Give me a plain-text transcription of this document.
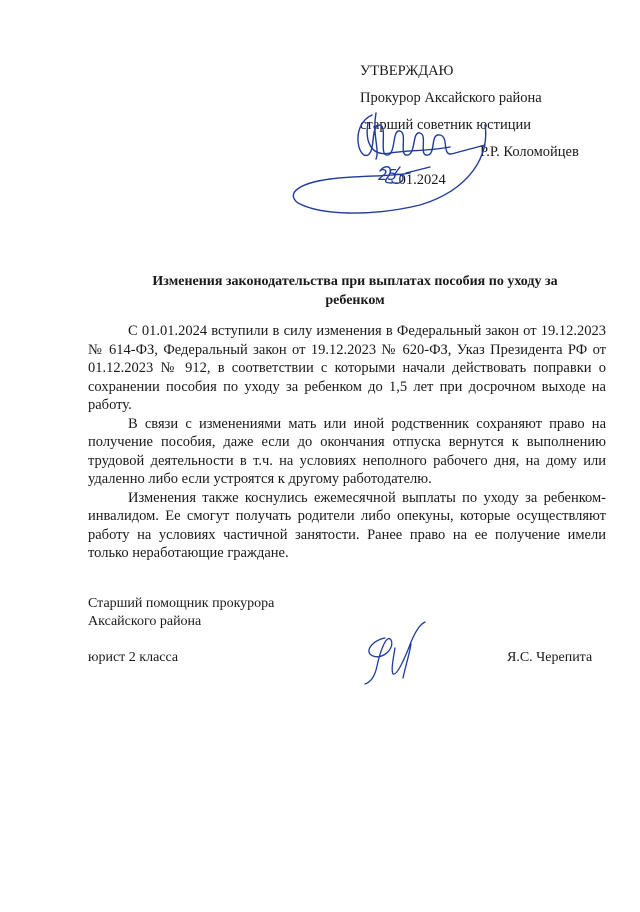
УТВЕРЖДАЮ
Прокурор Аксайского района
старший советник юстиции
Р.Р. Коломойцев
.01.2024
25
Изменения законодательства при выплатах пособия по уходу за
ребенком

С 01.01.2024 вступили в силу изменения в Федеральный закон от 19.12.2023 № 614-ФЗ, Федеральный закон от 19.12.2023 № 620-ФЗ, Указ Президента РФ от 01.12.2023 № 912, в соответствии с которыми начали действовать поправки о сохранении пособия по уходу за ребенком до 1,5 лет при досрочном выходе на работу.

В связи с изменениями мать или иной родственник сохраняют право на получение пособия, даже если до окончания отпуска вернутся к выполнению трудовой деятельности в т.ч. на условиях неполного рабочего дня, на дому или удаленно либо если устроятся к другому работодателю.

Изменения также коснулись ежемесячной выплаты по уходу за ребенком-инвалидом. Ее смогут получать родители либо опекуны, которые осуществляют работу на условиях частичной занятости. Ранее право на ее получение имели только неработающие граждане.

Старший помощник прокурора
Аксайского района
юрист 2 класса	Я.С. Черепита
